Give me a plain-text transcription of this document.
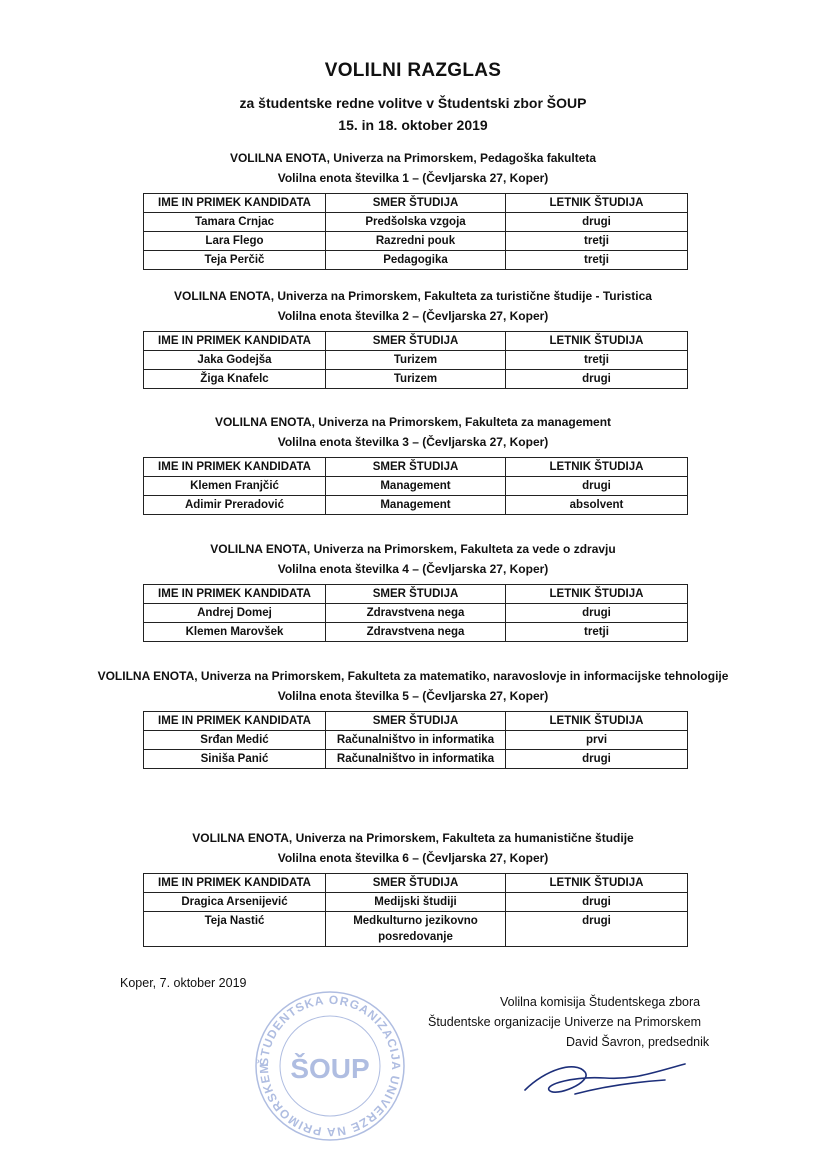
VOLILNI RAZGLAS
za študentske redne volitve v Študentski zbor ŠOUP
15. in 18. oktober 2019
VOLILNA ENOTA, Univerza na Primorskem, Pedagoška fakulteta
Volilna enota številka 1 – (Čevljarska 27, Koper)
IME IN PRIMEK KANDIDATA	SMER ŠTUDIJA	LETNIK ŠTUDIJA
Tamara Crnjac	Predšolska vzgoja	drugi
Lara Flego	Razredni pouk	tretji
Teja Perčič	Pedagogika	tretji
VOLILNA ENOTA, Univerza na Primorskem, Fakulteta za turistične študije - Turistica
Volilna enota številka 2 – (Čevljarska 27, Koper)
IME IN PRIMEK KANDIDATA	SMER ŠTUDIJA	LETNIK ŠTUDIJA
Jaka Godejša	Turizem	tretji
Žiga Knafelc	Turizem	drugi
VOLILNA ENOTA, Univerza na Primorskem, Fakulteta za management
Volilna enota številka 3 – (Čevljarska 27, Koper)
IME IN PRIMEK KANDIDATA	SMER ŠTUDIJA	LETNIK ŠTUDIJA
Klemen Franjčić	Management	drugi
Adimir Preradović	Management	absolvent
VOLILNA ENOTA, Univerza na Primorskem, Fakulteta za vede o zdravju
Volilna enota številka 4 – (Čevljarska 27, Koper)
IME IN PRIMEK KANDIDATA	SMER ŠTUDIJA	LETNIK ŠTUDIJA
Andrej Domej	Zdravstvena nega	drugi
Klemen Marovšek	Zdravstvena nega	tretji
VOLILNA ENOTA, Univerza na Primorskem, Fakulteta za matematiko, naravoslovje in informacijske tehnologije
Volilna enota številka 5 – (Čevljarska 27, Koper)
IME IN PRIMEK KANDIDATA	SMER ŠTUDIJA	LETNIK ŠTUDIJA
Srđan Medić	Računalništvo in informatika	prvi
Siniša Panić	Računalništvo in informatika	drugi
VOLILNA ENOTA, Univerza na Primorskem, Fakulteta za humanistične študije
Volilna enota številka 6 – (Čevljarska 27, Koper)
IME IN PRIMEK KANDIDATA	SMER ŠTUDIJA	LETNIK ŠTUDIJA
Dragica Arsenijević	Medijski študiji	drugi
Teja Nastić	Medkulturno jezikovno posredovanje	drugi
Koper, 7. oktober 2019
ŠTUDENTSKA ORGANIZACIJA UNIVERZE NA PRIMORSKEM ŠOUP
Volilna komisija Študentskega zbora
Študentske organizacije Univerze na Primorskem
David Šavron, predsednik
